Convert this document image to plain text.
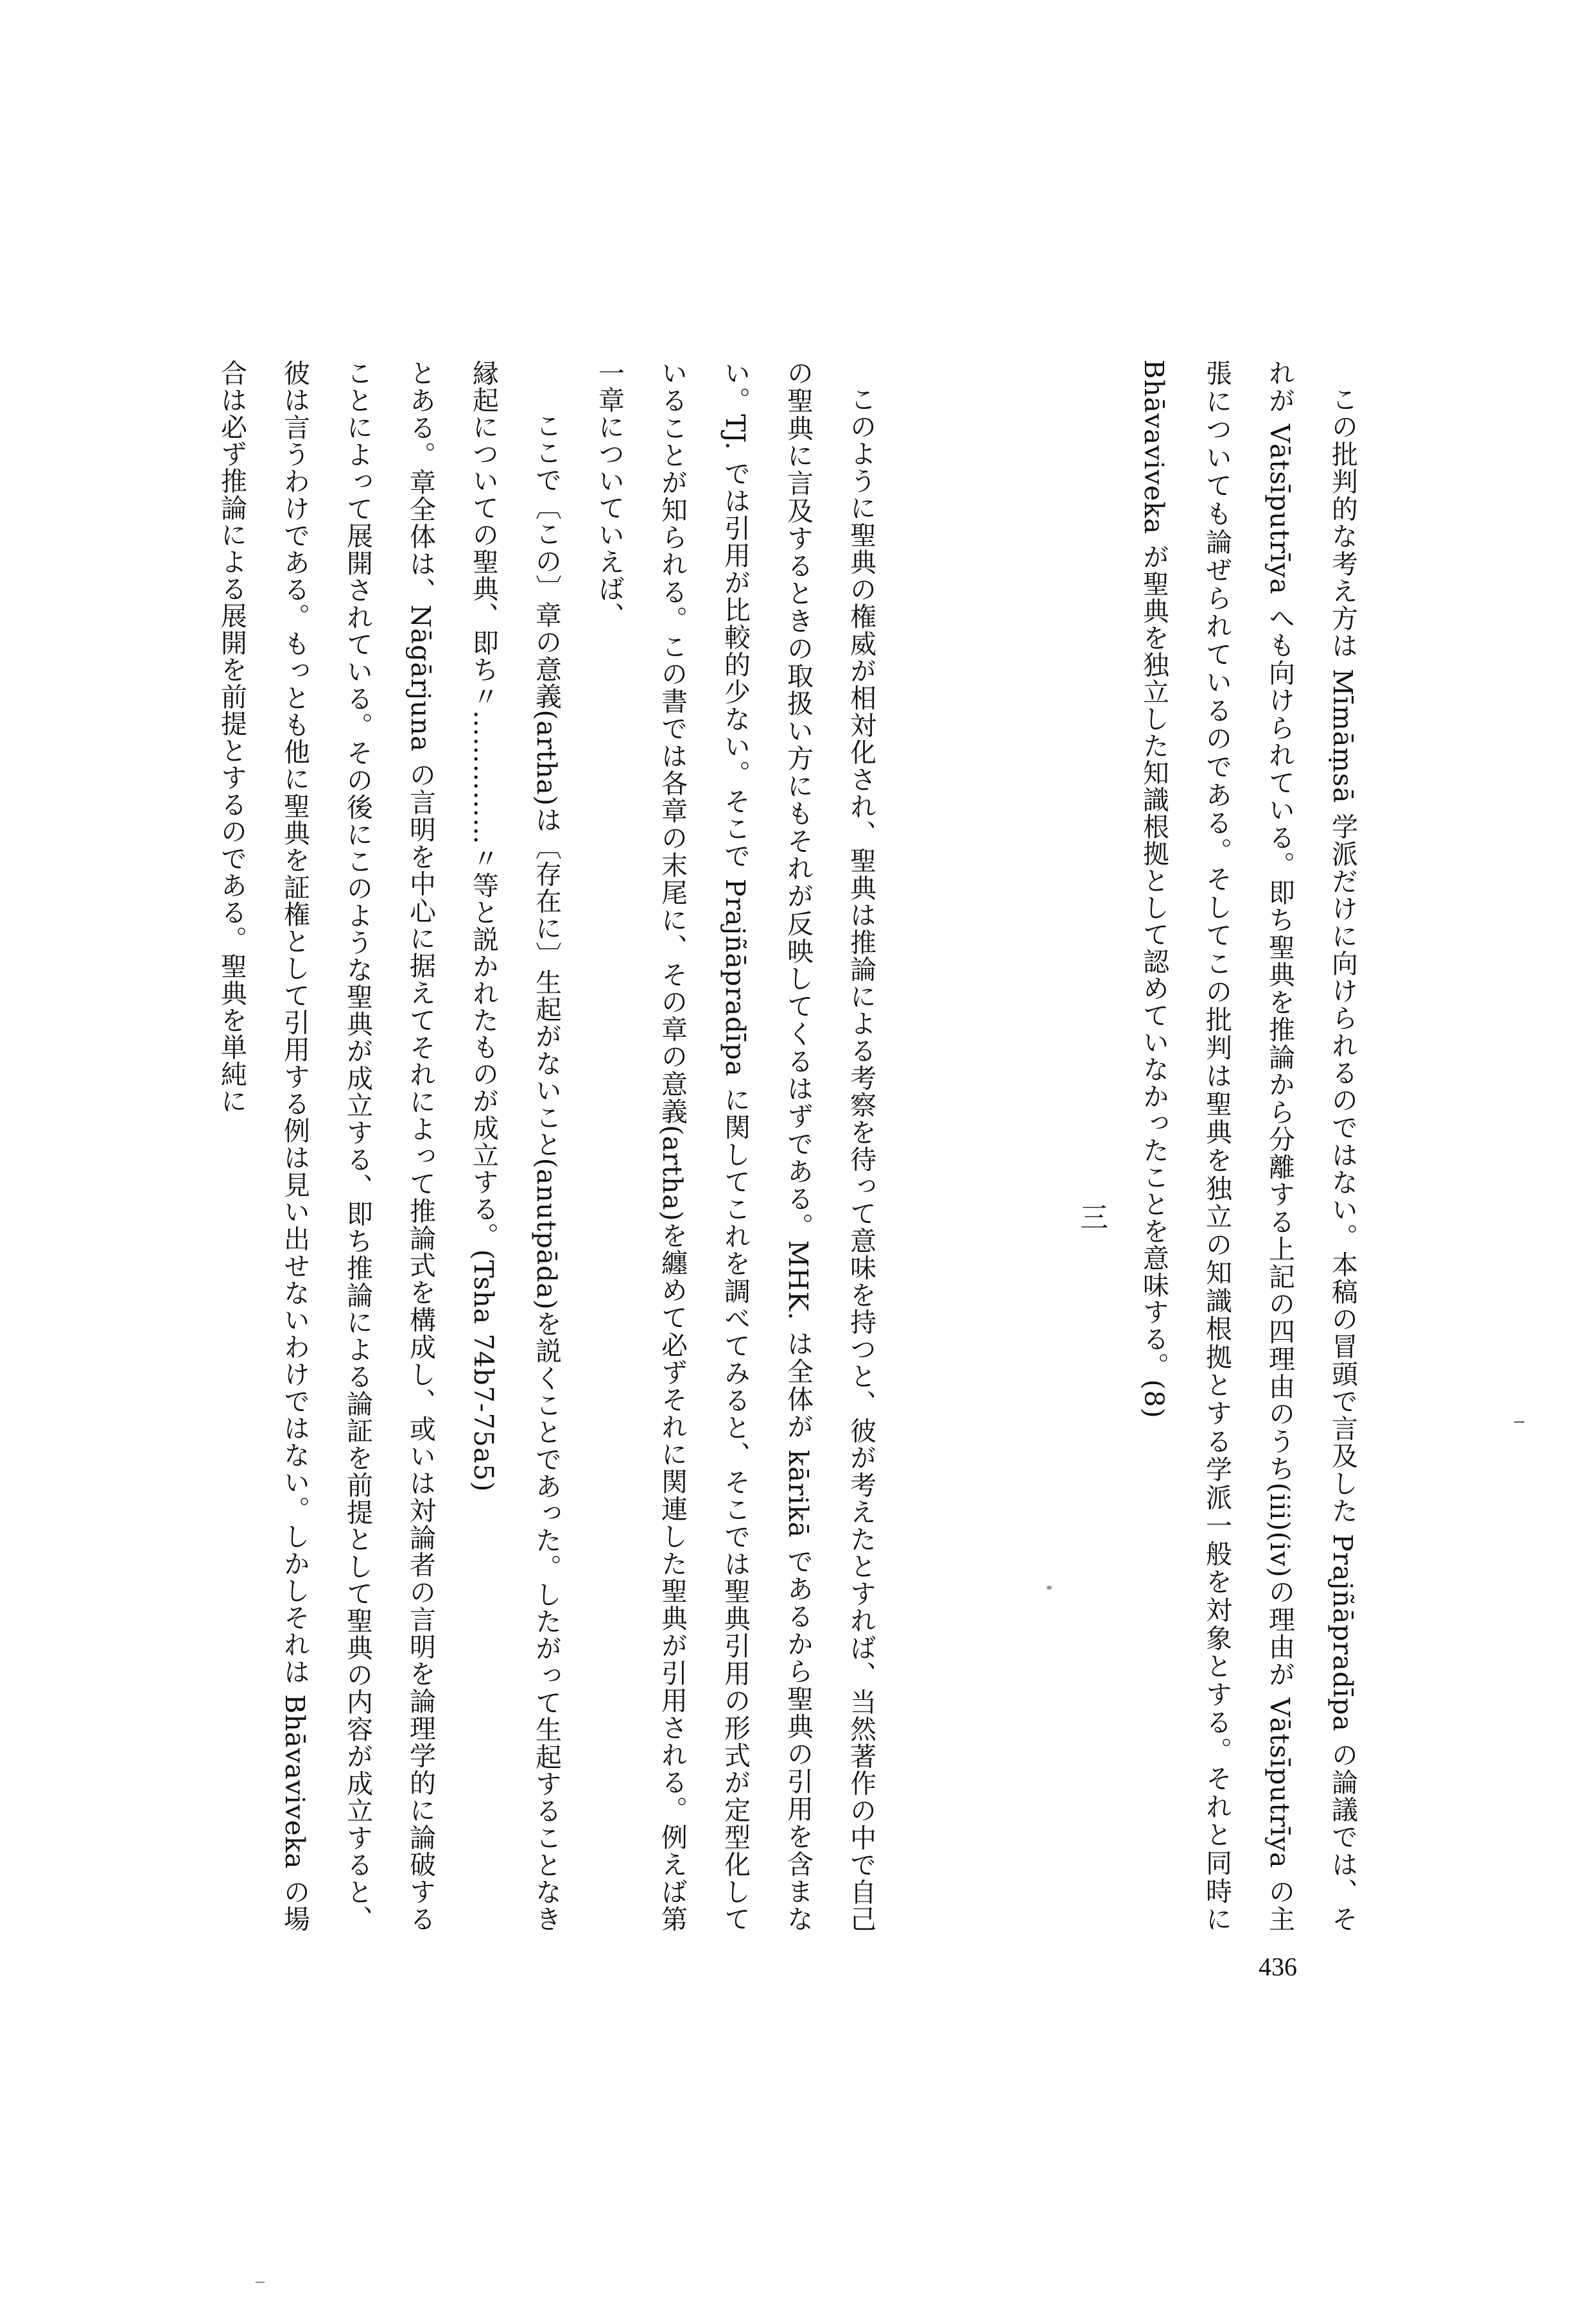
この批判的な考え方は Mīmāṃsā 学派だけに向けられるのではない。本稿の冒頭で言及した Prajñāpradīpa の論議では、それが Vātsīputrīya へも向けられている。即ち聖典を推論から分離する上記の四理由のうち(iii)(iv)の理由が Vātsīputrīya の主張についても論ぜられているのである。そしてこの批判は聖典を独立の知識根拠とする学派一般を対象とする。それと同時に Bhāvaviveka が聖典を独立した知識根拠として認めていなかったことを意味する。(8)

三

このように聖典の権威が相対化され、聖典は推論による考察を待って意味を持つと、彼が考えたとすれば、当然著作の中で自己の聖典に言及するときの取扱い方にもそれが反映してくるはずである。MHK. は全体が kārikā であるから聖典の引用を含まない。TJ. では引用が比較的少ない。そこで Prajñāpradīpa に関してこれを調べてみると、そこでは聖典引用の形式が定型化していることが知られる。この書では各章の末尾に、その章の意義(artha)を纏めて必ずそれに関連した聖典が引用される。例えば第一章についていえば、

ここで〔この〕章の意義(artha)は〔存在に〕生起がないこと(anutpāda)を説くことであった。したがって生起することなき縁起についての聖典、即ち〃……………〃等と説かれたものが成立する。(Tsha 74b7-75a5)

とある。章全体は、Nāgārjuna の言明を中心に据えてそれによって推論式を構成し、或いは対論者の言明を論理学的に論破することによって展開されている。その後にこのような聖典が成立する、即ち推論による論証を前提として聖典の内容が成立すると、彼は言うわけである。もっとも他に聖典を証権として引用する例は見い出せないわけではない。しかしそれは Bhāvaviveka の場合は必ず推論による展開を前提とするのである。聖典を単純に

436
